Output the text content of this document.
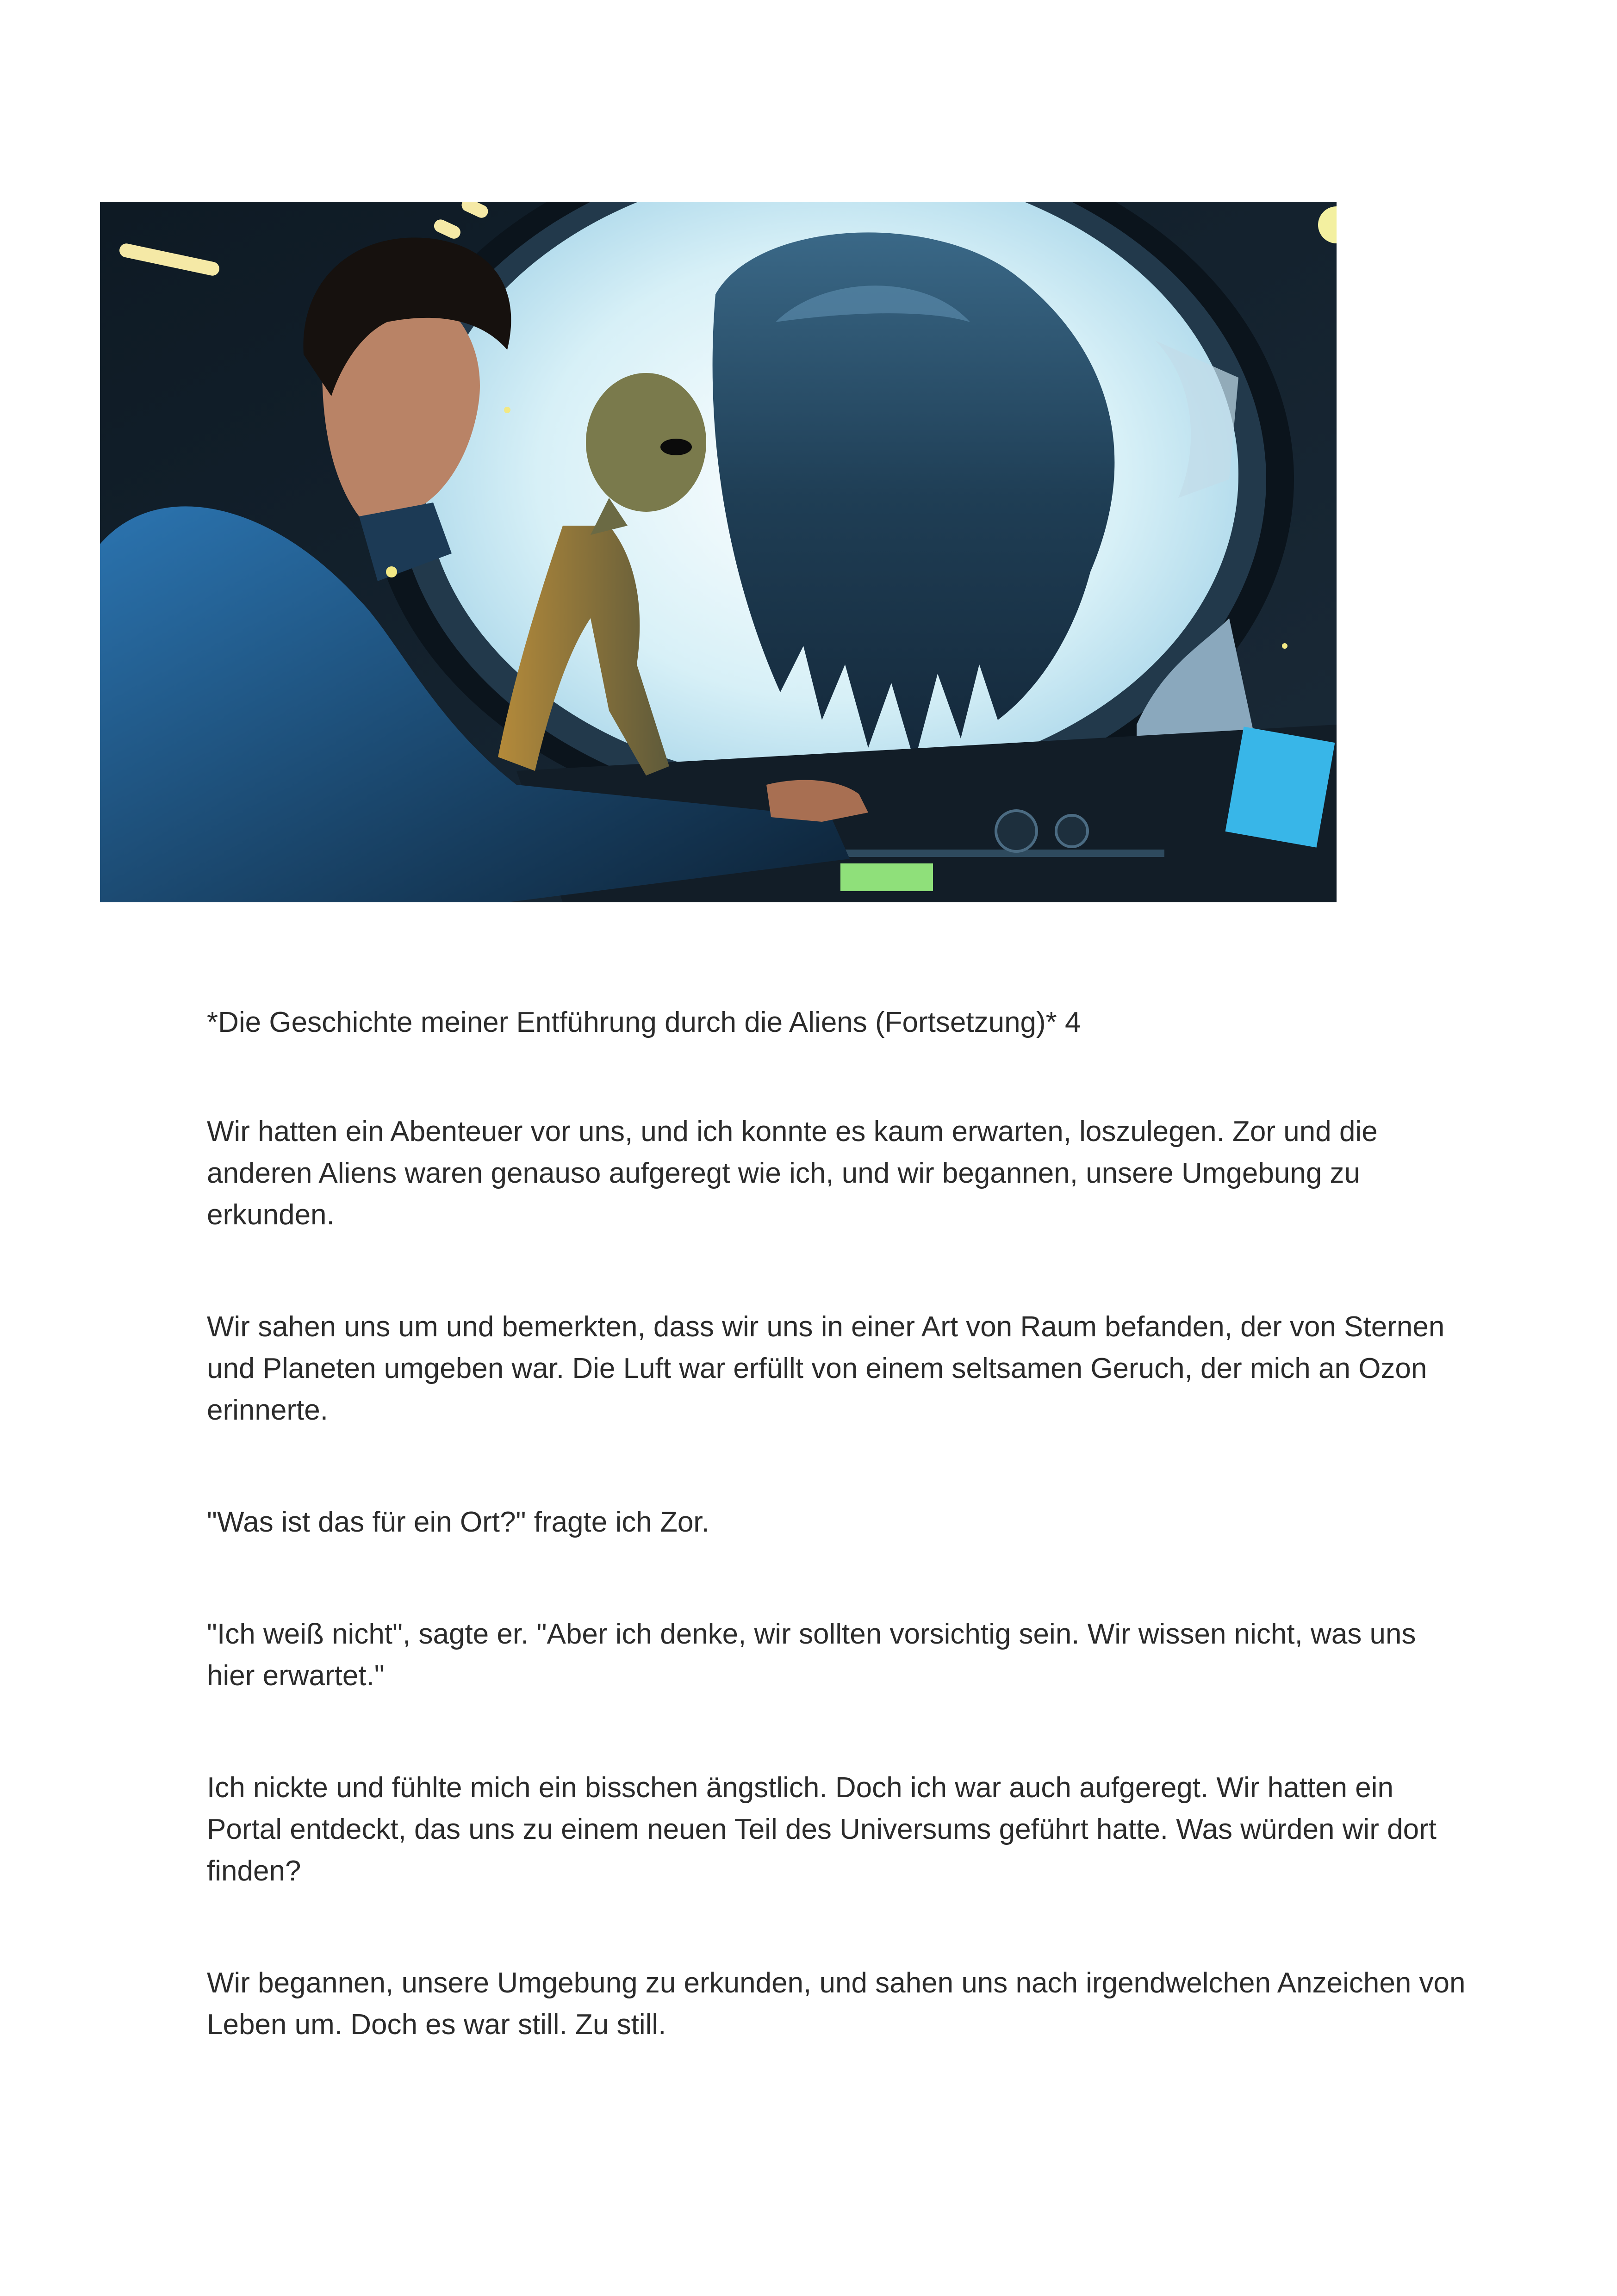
*Die Geschichte meiner Entführung durch die Aliens (Fortsetzung)* 4

Wir hatten ein Abenteuer vor uns, und ich konnte es kaum erwarten, loszulegen. Zor und die anderen Aliens waren genauso aufgeregt wie ich, und wir begannen, unsere Umgebung zu erkunden.

Wir sahen uns um und bemerkten, dass wir uns in einer Art von Raum befanden, der von Sternen und Planeten umgeben war. Die Luft war erfüllt von einem seltsamen Geruch, der mich an Ozon erinnerte.

"Was ist das für ein Ort?" fragte ich Zor.

"Ich weiß nicht", sagte er. "Aber ich denke, wir sollten vorsichtig sein. Wir wissen nicht, was uns hier erwartet."

Ich nickte und fühlte mich ein bisschen ängstlich. Doch ich war auch aufgeregt. Wir hatten ein Portal entdeckt, das uns zu einem neuen Teil des Universums geführt hatte. Was würden wir dort finden?

Wir begannen, unsere Umgebung zu erkunden, und sahen uns nach irgendwelchen Anzeichen von Leben um. Doch es war still. Zu still.
